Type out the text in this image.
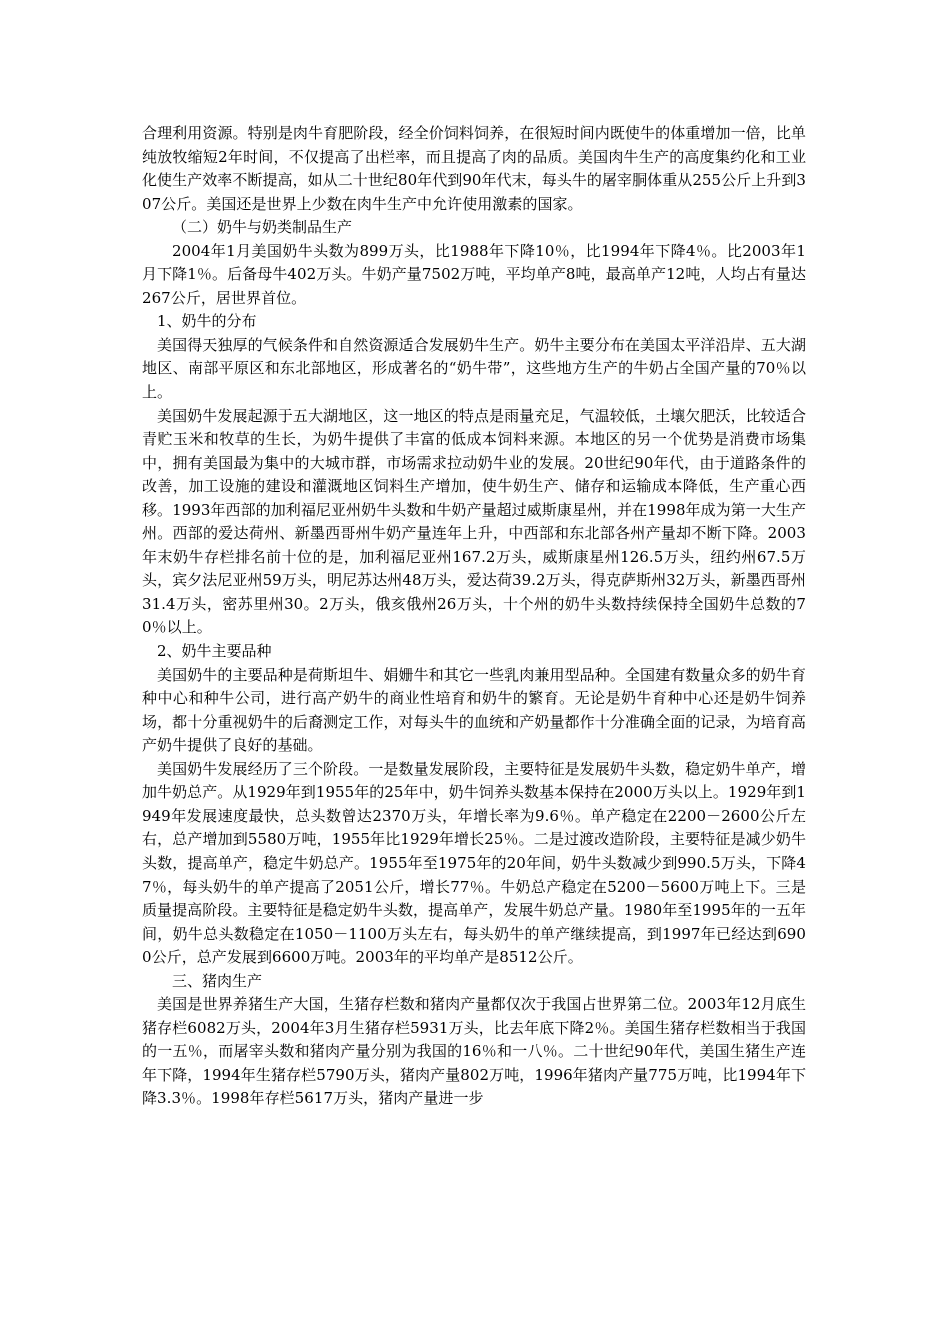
合理利用资源。特别是肉牛育肥阶段，经全价饲料饲养，在很短时间内既使牛的体重增加一倍，比单纯放牧缩短2年时间，不仅提高了出栏率，而且提高了肉的品质。美国肉牛生产的高度集约化和工业化使生产效率不断提高，如从二十世纪80年代到90年代末，每头牛的屠宰胴体重从255公斤上升到307公斤。美国还是世界上少数在肉牛生产中允许使用激素的国家。

（二）奶牛与奶类制品生产

2004年1月美国奶牛头数为899万头，比1988年下降10％，比1994年下降4％。比2003年1月下降1％。后备母牛402万头。牛奶产量7502万吨，平均单产8吨，最高单产12吨，人均占有量达267公斤，居世界首位。

1、奶牛的分布

美国得天独厚的气候条件和自然资源适合发展奶牛生产。奶牛主要分布在美国太平洋沿岸、五大湖地区、南部平原区和东北部地区，形成著名的“奶牛带”，这些地方生产的牛奶占全国产量的70％以上。

美国奶牛发展起源于五大湖地区，这一地区的特点是雨量充足，气温较低，土壤欠肥沃，比较适合青贮玉米和牧草的生长，为奶牛提供了丰富的低成本饲料来源。本地区的另一个优势是消费市场集中，拥有美国最为集中的大城市群，市场需求拉动奶牛业的发展。20世纪90年代，由于道路条件的改善，加工设施的建设和灌溉地区饲料生产增加，使牛奶生产、储存和运输成本降低，生产重心西移。1993年西部的加利福尼亚州奶牛头数和牛奶产量超过威斯康星州，并在1998年成为第一大生产州。西部的爱达荷州、新墨西哥州牛奶产量连年上升，中西部和东北部各州产量却不断下降。2003年末奶牛存栏排名前十位的是，加利福尼亚州167.2万头，威斯康星州126.5万头，纽约州67.5万头，宾夕法尼亚州59万头，明尼苏达州48万头，爱达荷39.2万头，得克萨斯州32万头，新墨西哥州31.4万头，密苏里州30。2万头，俄亥俄州26万头，十个州的奶牛头数持续保持全国奶牛总数的70％以上。

2、奶牛主要品种

美国奶牛的主要品种是荷斯坦牛、娟姗牛和其它一些乳肉兼用型品种。全国建有数量众多的奶牛育种中心和种牛公司，进行高产奶牛的商业性培育和奶牛的繁育。无论是奶牛育种中心还是奶牛饲养场，都十分重视奶牛的后裔测定工作，对每头牛的血统和产奶量都作十分准确全面的记录，为培育高产奶牛提供了良好的基础。

美国奶牛发展经历了三个阶段。一是数量发展阶段，主要特征是发展奶牛头数，稳定奶牛单产，增加牛奶总产。从1929年到1955年的25年中，奶牛饲养头数基本保持在2000万头以上。1929年到1949年发展速度最快，总头数曾达2370万头，年增长率为9.6％。单产稳定在2200－2600公斤左右，总产增加到5580万吨，1955年比1929年增长25％。二是过渡改造阶段，主要特征是减少奶牛头数，提高单产，稳定牛奶总产。1955年至1975年的20年间，奶牛头数减少到990.5万头，下降47％，每头奶牛的单产提高了2051公斤，增长77％。牛奶总产稳定在5200－5600万吨上下。三是质量提高阶段。主要特征是稳定奶牛头数，提高单产，发展牛奶总产量。1980年至1995年的一五年间，奶牛总头数稳定在1050－1100万头左右，每头奶牛的单产继续提高，到1997年已经达到6900公斤，总产发展到6600万吨。2003年的平均单产是8512公斤。

三、猪肉生产

美国是世界养猪生产大国，生猪存栏数和猪肉产量都仅次于我国占世界第二位。2003年12月底生猪存栏6082万头，2004年3月生猪存栏5931万头，比去年底下降2％。美国生猪存栏数相当于我国的一五％，而屠宰头数和猪肉产量分别为我国的16％和一八％。二十世纪90年代，美国生猪生产连年下降，1994年生猪存栏5790万头，猪肉产量802万吨，1996年猪肉产量775万吨，比1994年下降3.3％。1998年存栏5617万头，猪肉产量进一步
